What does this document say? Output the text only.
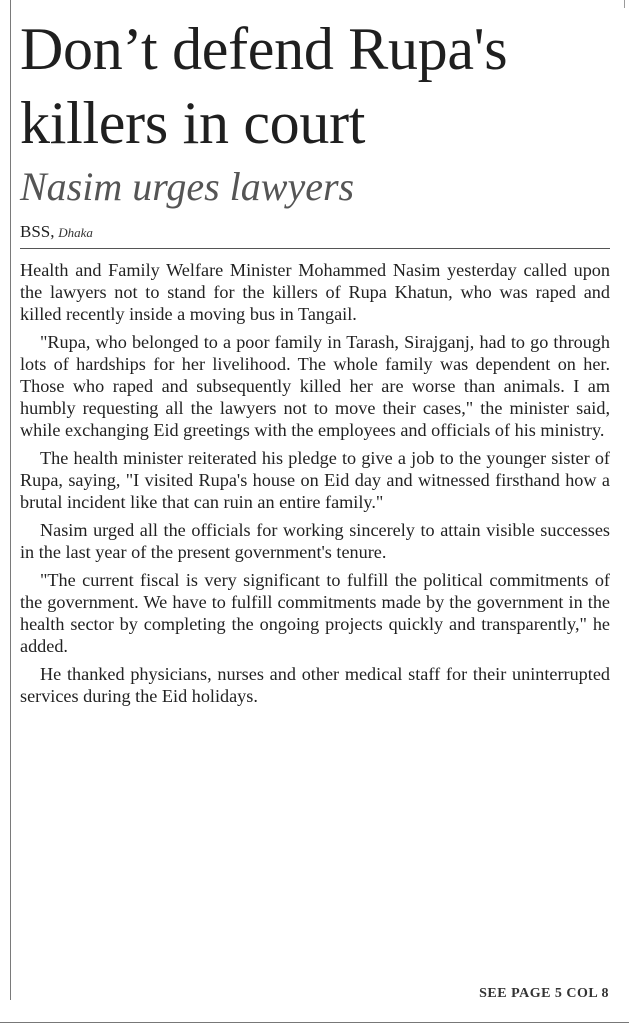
Don’t defend Rupa's killers in court
Nasim urges lawyers
BSS, Dhaka

Health and Family Welfare Minister Mohammed Nasim yesterday called upon the lawyers not to stand for the killers of Rupa Khatun, who was raped and killed recently inside a moving bus in Tangail.

"Rupa, who belonged to a poor family in Tarash, Sirajganj, had to go through lots of hardships for her livelihood. The whole family was dependent on her. Those who raped and subsequently killed her are worse than animals. I am humbly requesting all the lawyers not to move their cases," the minister said, while exchanging Eid greetings with the employees and officials of his ministry.

The health minister reiterated his pledge to give a job to the younger sister of Rupa, saying, "I visited Rupa's house on Eid day and witnessed firsthand how a brutal incident like that can ruin an entire family."

Nasim urged all the officials for working sincerely to attain visible successes in the last year of the present government's tenure.

"The current fiscal is very significant to fulfill the political commitments of the government. We have to fulfill commitments made by the government in the health sector by completing the ongoing projects quickly and transparently," he added.

He thanked physicians, nurses and other medical staff for their uninterrupted services during the Eid holidays.

SEE PAGE 5 COL 8
